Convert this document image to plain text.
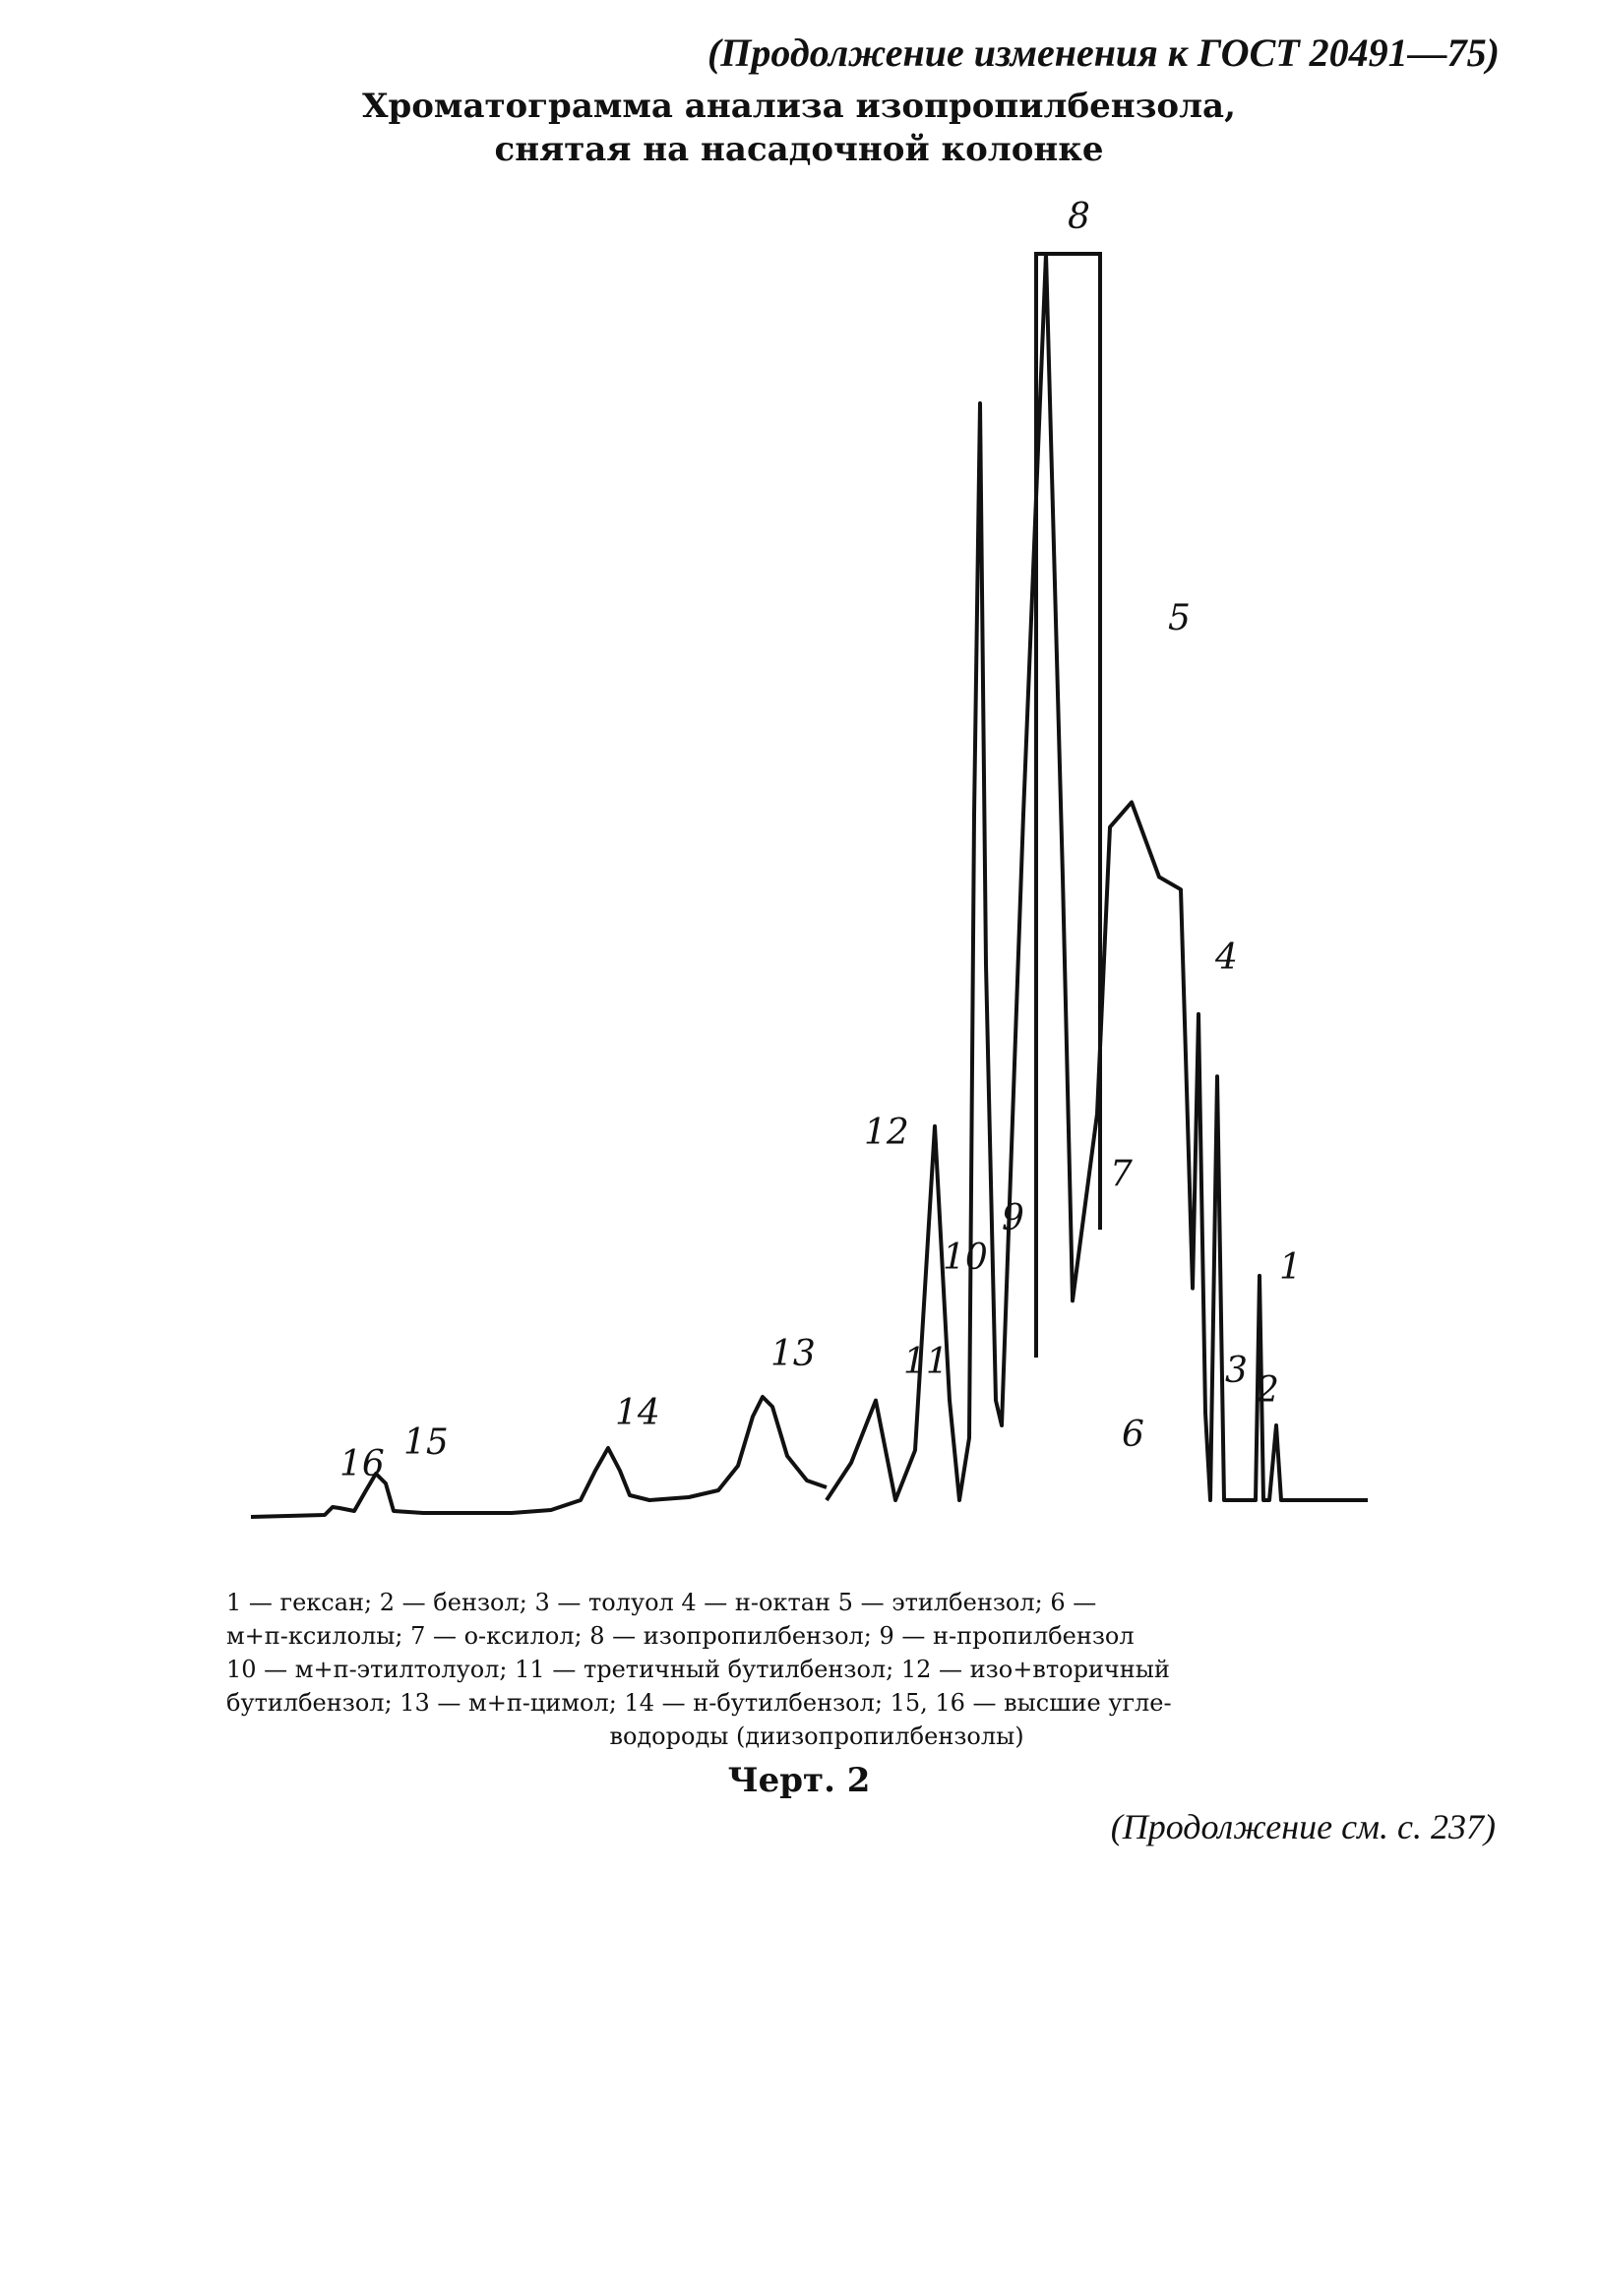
(Продолжение изменения к ГОСТ 20491—75)
Хроматограмма анализа изопропилбензола,
снятая на насадочной колонке
1
2
3
4
5
6
7
8
9
10
11
12
13
14
15
16
1 — гексан; 2 — бензол; 3 — толуол 4 — н-октан 5 — этилбензол; 6 —
м+п-ксилолы; 7 — о-ксилол; 8 — изопропилбензол; 9 — н-пропилбензол
10 — м+п-этилтолуол; 11 — третичный бутилбензол; 12 — изо+вторичный
бутилбензол; 13 — м+п-цимол; 14 — н-бутилбензол; 15, 16 — высшие угле-
водороды (диизопропилбензолы)
Черт. 2
(Продолжение см. с. 237)
